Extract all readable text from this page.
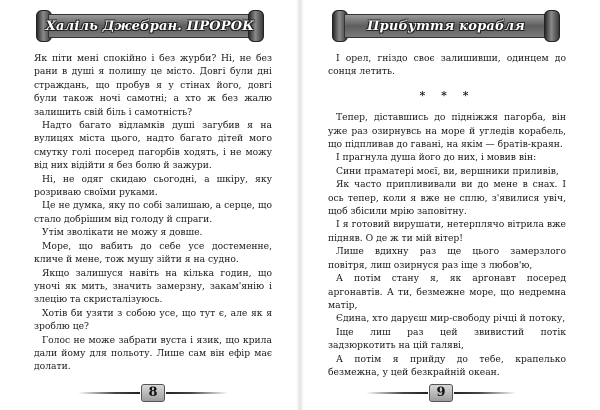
Халіль Джебран. ПРОРОК

Як піти мені спокійно і без журби? Ні, не без рани в душі я полишу це місто. Довгі були дні страждань, що пробув я у стінах його, довгі були також ночі самотні; а хто ж без жалю залишить свій біль і самотність?

Надто багато відламків душі загубив я на вулицях міста цього, надто багато дітей мого смутку голі посеред пагорбів ходять, і не можу від них відійти я без болю й зажури.

Ні, не одяг скидаю сьогодні, а шкіру, яку розриваю своїми руками.

Це не думка, яку по собі залишаю, а серце, що стало добрішим від голоду й спраги.

Утім зволікати не можу я довше.

Море, що вабить до себе усе достеменне, кличе й мене, тож мушу зійти я на судно.

Якщо залишуся навіть на кілька годин, що уночі як мить, значить замерзну, закам'янію і злецію та скристалізуюсь.

Хотів би узяти з собою усе, що тут є, але як я зроблю це?

Голос не може забрати вуста і язик, що крила дали йому для польоту. Лише сам він ефір має долати.

8
Прибуття корабля

І орел, гніздо своє залишивши, одинцем до сонця летить.

* * *

Тепер, діставшись до підніжжя пагорба, він уже раз озирнувсь на море й угледів корабель, що підпливав до гавані, на якім — братів-краян.

І прагнула душа його до них, і мовив він:

Сини праматері моєї, ви, вершники приливів,

Як часто приплививали ви до мене в снах. І ось тепер, коли я вже не сплю, з'явилися увіч, щоб збісили мрію заповітну.

І я готовий вирушати, нетерплячо вітрила вже підняв. О де ж ти мій вітер!

Лише вдихну раз ще цього замерзлого повітря, лиш озирнуся раз іще з любов'ю,

А потім стану я, як аргонавт посеред аргонавтів. А ти, безмежне море, що недремна матір,

Єдина, хто даруєш мир-свободу річці й потоку,

Іще лиш раз цей звивистий потік задзюркотить на цій галяві,

А потім я прийду до тебе, крапелько безмежна, у цей безкрайній океан.

9
